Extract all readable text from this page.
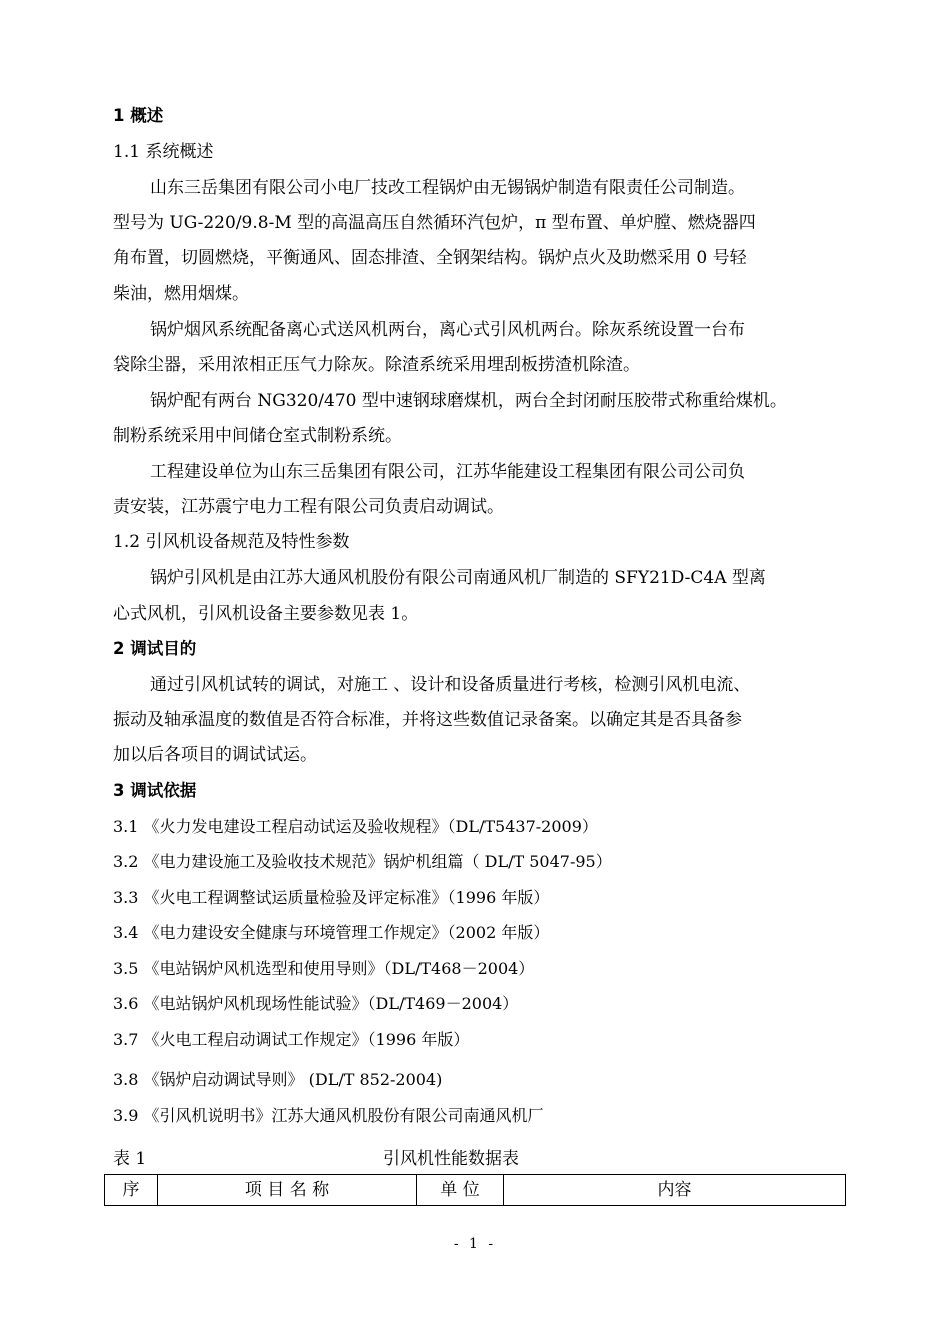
1 概述
1.1 系统概述
山东三岳集团有限公司小电厂技改工程锅炉由无锡锅炉制造有限责任公司制造。
型号为 UG-220/9.8-M 型的高温高压自然循环汽包炉，π 型布置、单炉膛、燃烧器四
角布置，切圆燃烧，平衡通风、固态排渣、全钢架结构。锅炉点火及助燃采用 0 号轻
柴油，燃用烟煤。
锅炉烟风系统配备离心式送风机两台，离心式引风机两台。除灰系统设置一台布
袋除尘器，采用浓相正压气力除灰。除渣系统采用埋刮板捞渣机除渣。
锅炉配有两台 NG320/470 型中速钢球磨煤机，两台全封闭耐压胶带式称重给煤机。
制粉系统采用中间储仓室式制粉系统。
工程建设单位为山东三岳集团有限公司，江苏华能建设工程集团有限公司公司负
责安装，江苏震宁电力工程有限公司负责启动调试。
1.2 引风机设备规范及特性参数
锅炉引风机是由江苏大通风机股份有限公司南通风机厂制造的 SFY21D-C4A 型离
心式风机，引风机设备主要参数见表 1。
2 调试目的
通过引风机试转的调试，对施工 、设计和设备质量进行考核，检测引风机电流、
振动及轴承温度的数值是否符合标准，并将这些数值记录备案。以确定其是否具备参
加以后各项目的调试试运。
3 调试依据
3.1 《火力发电建设工程启动试运及验收规程》（DL/T5437-2009）
3.2 《电力建设施工及验收技术规范》锅炉机组篇（ DL/T 5047-95）
3.3 《火电工程调整试运质量检验及评定标准》（1996 年版）
3.4 《电力建设安全健康与环境管理工作规定》（2002 年版）
3.5 《电站锅炉风机选型和使用导则》（DL/T468－2004）
3.6 《电站锅炉风机现场性能试验》（DL/T469－2004）
3.7 《火电工程启动调试工作规定》（1996 年版）
3.8 《锅炉启动调试导则》 (DL/T 852-2004)
3.9 《引风机说明书》江苏大通风机股份有限公司南通风机厂
表 1	引风机性能数据表
序	项 目 名 称	单 位	内容
- 1 -
